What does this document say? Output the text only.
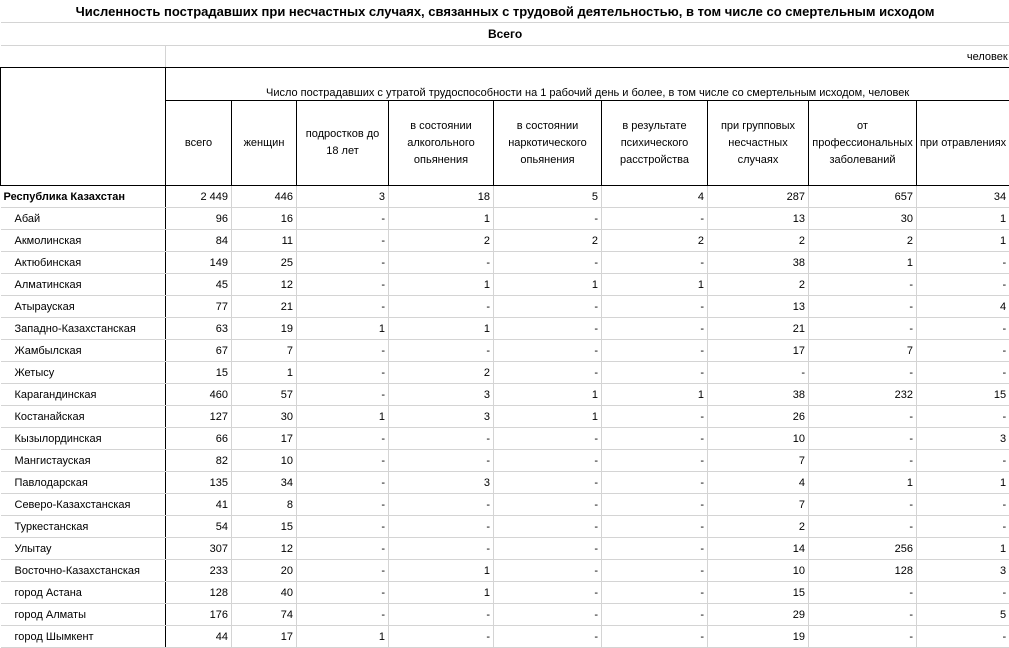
Численность пострадавших при несчастных случаях, связанных с трудовой деятельностью, в том числе со смертельным исходом									
Всего									
	человек								
	Число пострадавших с утратой трудоспособности на 1 рабочий день и более, в том числе со смертельным исходом, человек								
	всего	женщин	подростков до 18 лет	в состоянии алкогольного опьянения	в состоянии наркотического опьянения	в результате психического расстройства	при групповых несчастных случаях	от профессиональных заболеваний	при отравлениях
Республика Казахстан	2 449	446	3	18	5	4	287	657	34
Абай	96	16	-	1	-	-	13	30	1
Акмолинская	84	11	-	2	2	2	2	2	1
Актюбинская	149	25	-	-	-	-	38	1	-
Алматинская	45	12	-	1	1	1	2	-	-
Атырауская	77	21	-	-	-	-	13	-	4
Западно-Казахстанская	63	19	1	1	-	-	21	-	-
Жамбылская	67	7	-	-	-	-	17	7	-
Жетысу	15	1	-	2	-	-	-	-	-
Карагандинская	460	57	-	3	1	1	38	232	15
Костанайская	127	30	1	3	1	-	26	-	-
Кызылординская	66	17	-	-	-	-	10	-	3
Мангистауская	82	10	-	-	-	-	7	-	-
Павлодарская	135	34	-	3	-	-	4	1	1
Северо-Казахстанская	41	8	-	-	-	-	7	-	-
Туркестанская	54	15	-	-	-	-	2	-	-
Улытау	307	12	-	-	-	-	14	256	1
Восточно-Казахстанская	233	20	-	1	-	-	10	128	3
город Астана	128	40	-	1	-	-	15	-	-
город Алматы	176	74	-	-	-	-	29	-	5
город Шымкент	44	17	1	-	-	-	19	-	-
